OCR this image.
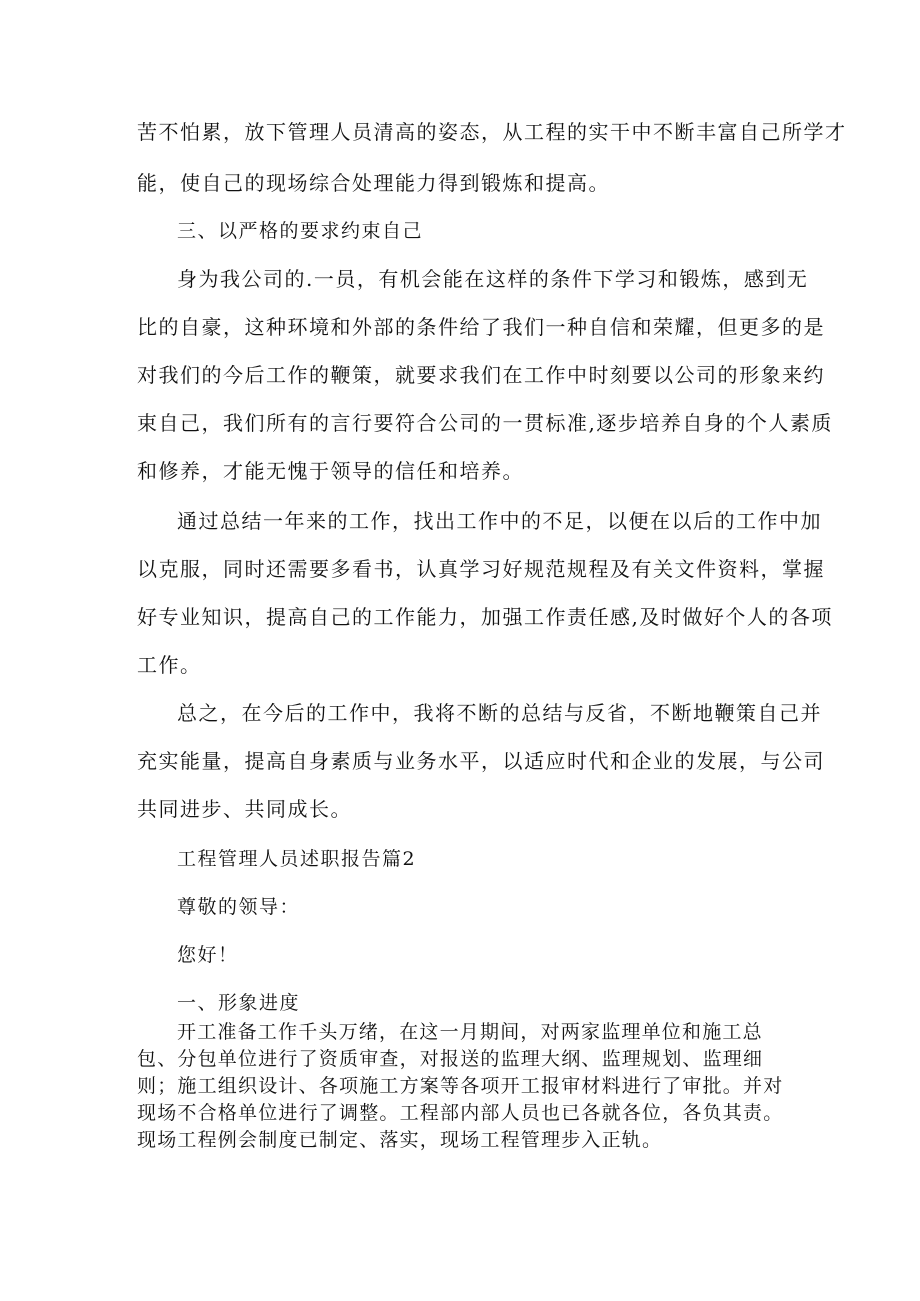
苦不怕累，放下管理人员清高的姿态，从工程的实干中不断丰富自己所学才

能，使自己的现场综合处理能力得到锻炼和提高。

三、以严格的要求约束自己

身为我公司的.一员，有机会能在这样的条件下学习和锻炼，感到无

比的自豪，这种环境和外部的条件给了我们一种自信和荣耀，但更多的是

对我们的今后工作的鞭策，就要求我们在工作中时刻要以公司的形象来约

束自己，我们所有的言行要符合公司的一贯标准,逐步培养自身的个人素质

和修养，才能无愧于领导的信任和培养。

通过总结一年来的工作，找出工作中的不足，以便在以后的工作中加

以克服，同时还需要多看书，认真学习好规范规程及有关文件资料，掌握

好专业知识，提高自己的工作能力，加强工作责任感,及时做好个人的各项

工作。

总之，在今后的工作中，我将不断的总结与反省，不断地鞭策自己并

充实能量，提高自身素质与业务水平，以适应时代和企业的发展，与公司

共同进步、共同成长。

工程管理人员述职报告篇2

尊敬的领导：

您好！

一、形象进度

开工准备工作千头万绪，在这一月期间，对两家监理单位和施工总

包、分包单位进行了资质审查，对报送的监理大纲、监理规划、监理细

则；施工组织设计、各项施工方案等各项开工报审材料进行了审批。并对

现场不合格单位进行了调整。工程部内部人员也已各就各位，各负其责。

现场工程例会制度已制定、落实，现场工程管理步入正轨。
